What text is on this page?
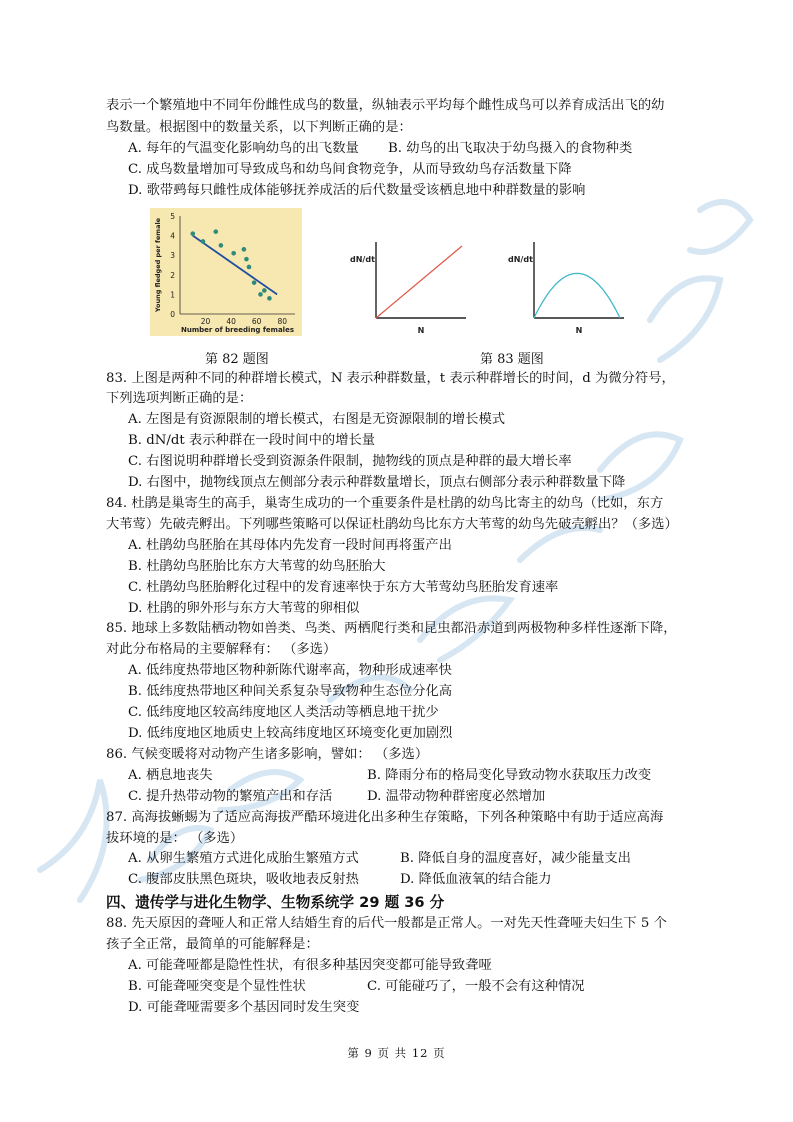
表示一个繁殖地中不同年份雌性成鸟的数量，纵轴表示平均每个雌性成鸟可以养育成活出飞的幼
鸟数量。根据图中的数量关系，以下判断正确的是：
A. 每年的气温变化影响幼鸟的出飞数量 B. 幼鸟的出飞取决于幼鸟摄入的食物种类
C. 成鸟数量增加可导致成鸟和幼鸟间食物竞争，从而导致幼鸟存活数量下降
D. 歌带鹀每只雌性成体能够抚养成活的后代数量受该栖息地中种群数量的影响
0
1
2
3
4
5
20 40 60 80
Number of breeding females
Young fledged per female	dN/dt
N
dN/dt
N
第 82 题图	第 83 题图
83. 上图是两种不同的种群增长模式，N 表示种群数量，t 表示种群增长的时间，d 为微分符号，
下列选项判断正确的是：
A. 左图是有资源限制的增长模式，右图是无资源限制的增长模式
B. dN/dt 表示种群在一段时间中的增长量
C. 右图说明种群增长受到资源条件限制，抛物线的顶点是种群的最大增长率
D. 右图中，抛物线顶点左侧部分表示种群数量增长，顶点右侧部分表示种群数量下降
84. 杜鹃是巢寄生的高手，巢寄生成功的一个重要条件是杜鹃的幼鸟比寄主的幼鸟（比如，东方
大苇莺）先破壳孵出。下列哪些策略可以保证杜鹃幼鸟比东方大苇莺的幼鸟先破壳孵出？（多选）
A. 杜鹃幼鸟胚胎在其母体内先发育一段时间再将蛋产出
B. 杜鹃幼鸟胚胎比东方大苇莺的幼鸟胚胎大
C. 杜鹃幼鸟胚胎孵化过程中的发育速率快于东方大苇莺幼鸟胚胎发育速率
D. 杜鹃的卵外形与东方大苇莺的卵相似
85. 地球上多数陆栖动物如兽类、鸟类、两栖爬行类和昆虫都沿赤道到两极物种多样性逐渐下降，
对此分布格局的主要解释有： （多选）
A. 低纬度热带地区物种新陈代谢率高，物种形成速率快
B. 低纬度热带地区种间关系复杂导致物种生态位分化高
C. 低纬度地区较高纬度地区人类活动等栖息地干扰少
D. 低纬度地区地质史上较高纬度地区环境变化更加剧烈
86. 气候变暖将对动物产生诸多影响，譬如： （多选）
A. 栖息地丧失	B. 降雨分布的格局变化导致动物水获取压力改变
C. 提升热带动物的繁殖产出和存活	D. 温带动物种群密度必然增加
87. 高海拔蜥蜴为了适应高海拔严酷环境进化出多种生存策略，下列各种策略中有助于适应高海
拔环境的是： （多选）
A. 从卵生繁殖方式进化成胎生繁殖方式	B. 降低自身的温度喜好，减少能量支出
C. 腹部皮肤黑色斑块，吸收地表反射热	D. 降低血液氧的结合能力
四、遗传学与进化生物学、生物系统学 29 题 36 分
88. 先天原因的聋哑人和正常人结婚生育的后代一般都是正常人。一对先天性聋哑夫妇生下 5 个
孩子全正常，最简单的可能解释是：
A. 可能聋哑都是隐性性状，有很多种基因突变都可能导致聋哑
B. 可能聋哑突变是个显性性状	C. 可能碰巧了，一般不会有这种情况
D. 可能聋哑需要多个基因同时发生突变
第 9 页 共 12 页
